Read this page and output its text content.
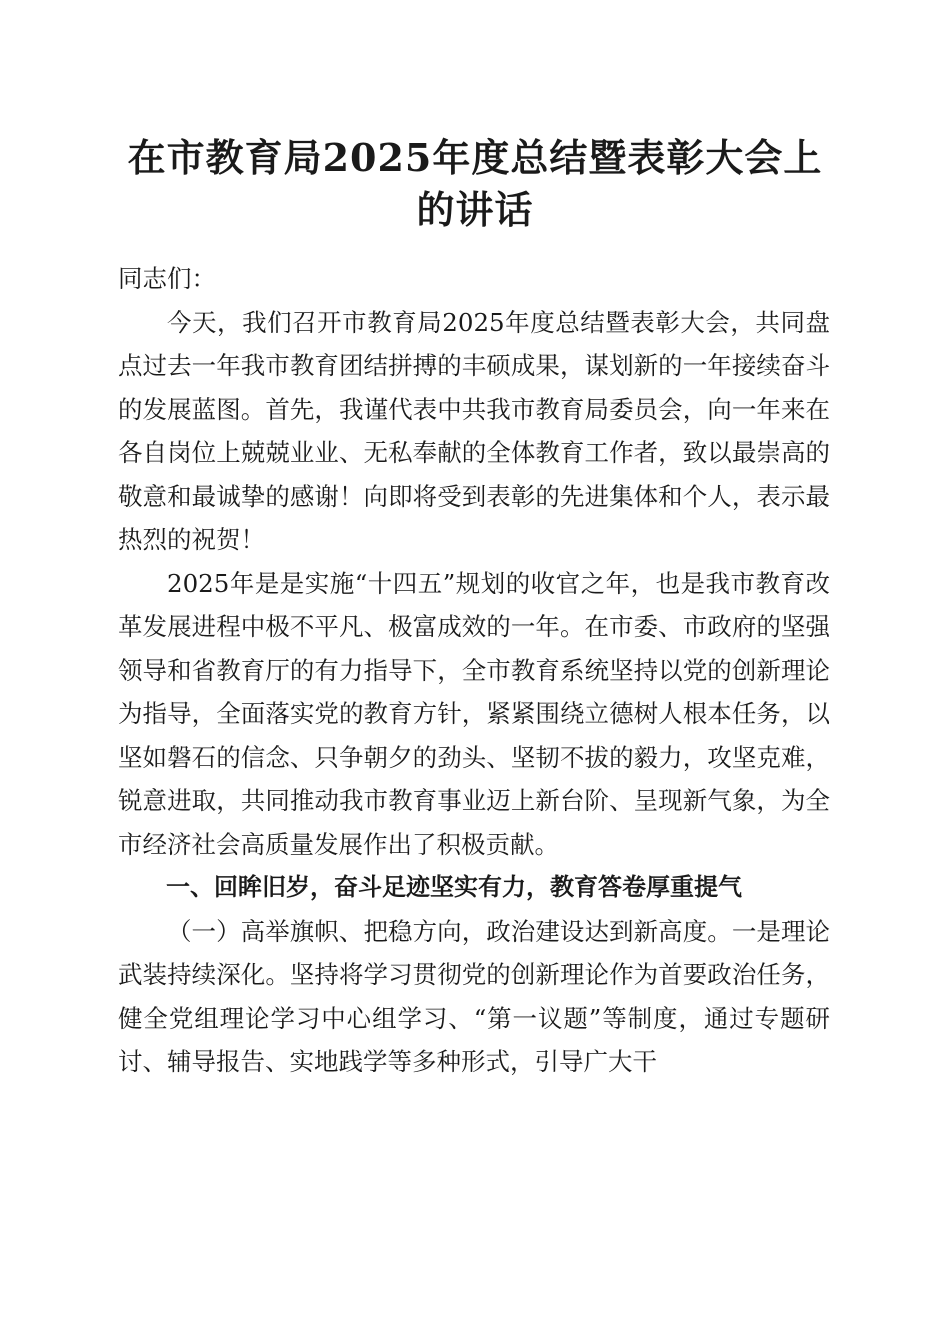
在市教育局2025年度总结暨表彰大会上的讲话

同志们：

今天，我们召开市教育局2025年度总结暨表彰大会，共同盘点过去一年我市教育团结拼搏的丰硕成果，谋划新的一年接续奋斗的发展蓝图。首先，我谨代表中共我市教育局委员会，向一年来在各自岗位上兢兢业业、无私奉献的全体教育工作者，致以最崇高的敬意和最诚挚的感谢！向即将受到表彰的先进集体和个人，表示最热烈的祝贺！

2025年是是实施“十四五”规划的收官之年，也是我市教育改革发展进程中极不平凡、极富成效的一年。在市委、市政府的坚强领导和省教育厅的有力指导下，全市教育系统坚持以党的创新理论为指导，全面落实党的教育方针，紧紧围绕立德树人根本任务，以坚如磐石的信念、只争朝夕的劲头、坚韧不拔的毅力，攻坚克难，锐意进取，共同推动我市教育事业迈上新台阶、呈现新气象，为全市经济社会高质量发展作出了积极贡献。

一、回眸旧岁，奋斗足迹坚实有力，教育答卷厚重提气

（一）高举旗帜、把稳方向，政治建设达到新高度。一是理论武装持续深化。坚持将学习贯彻党的创新理论作为首要政治任务，健全党组理论学习中心组学习、“第一议题”等制度，通过专题研讨、辅导报告、实地践学等多种形式，引导广大干
